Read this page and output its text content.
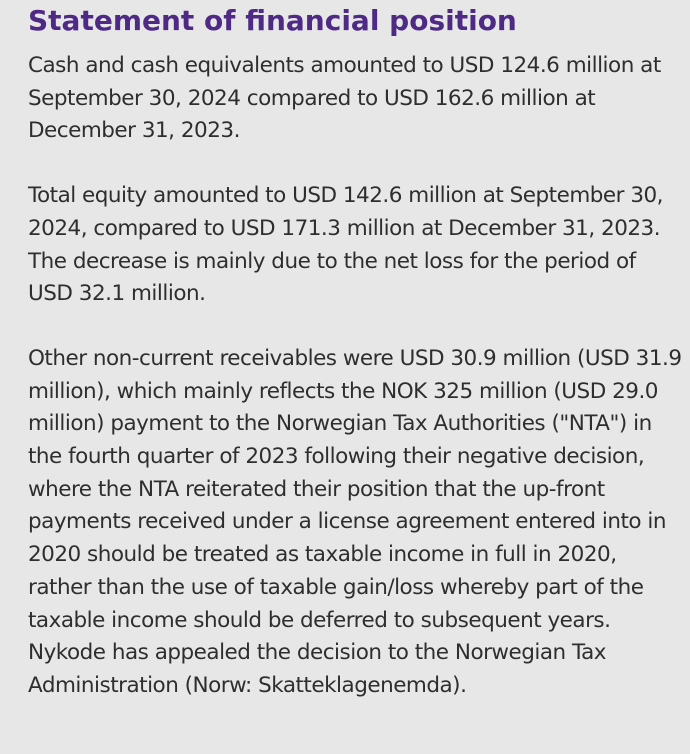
Statement of financial position

Cash and cash equivalents amounted to USD 124.6 million at September 30, 2024 compared to USD 162.6 million at December 31, 2023.

Total equity amounted to USD 142.6 million at September 30, 2024, compared to USD 171.3 million at December 31, 2023. The decrease is mainly due to the net loss for the period of USD 32.1 million.

Other non-current receivables were USD 30.9 million (USD 31.9 million), which mainly reflects the NOK 325 million (USD 29.0 million) payment to the Norwegian Tax Authorities ("NTA") in the fourth quarter of 2023 following their negative decision, where the NTA reiterated their position that the up-front payments received under a license agreement entered into in 2020 should be treated as taxable income in full in 2020, rather than the use of taxable gain/loss whereby part of the taxable income should be deferred to subsequent years. Nykode has appealed the decision to the Norwegian Tax Administration (Norw: Skatteklagenemda).
